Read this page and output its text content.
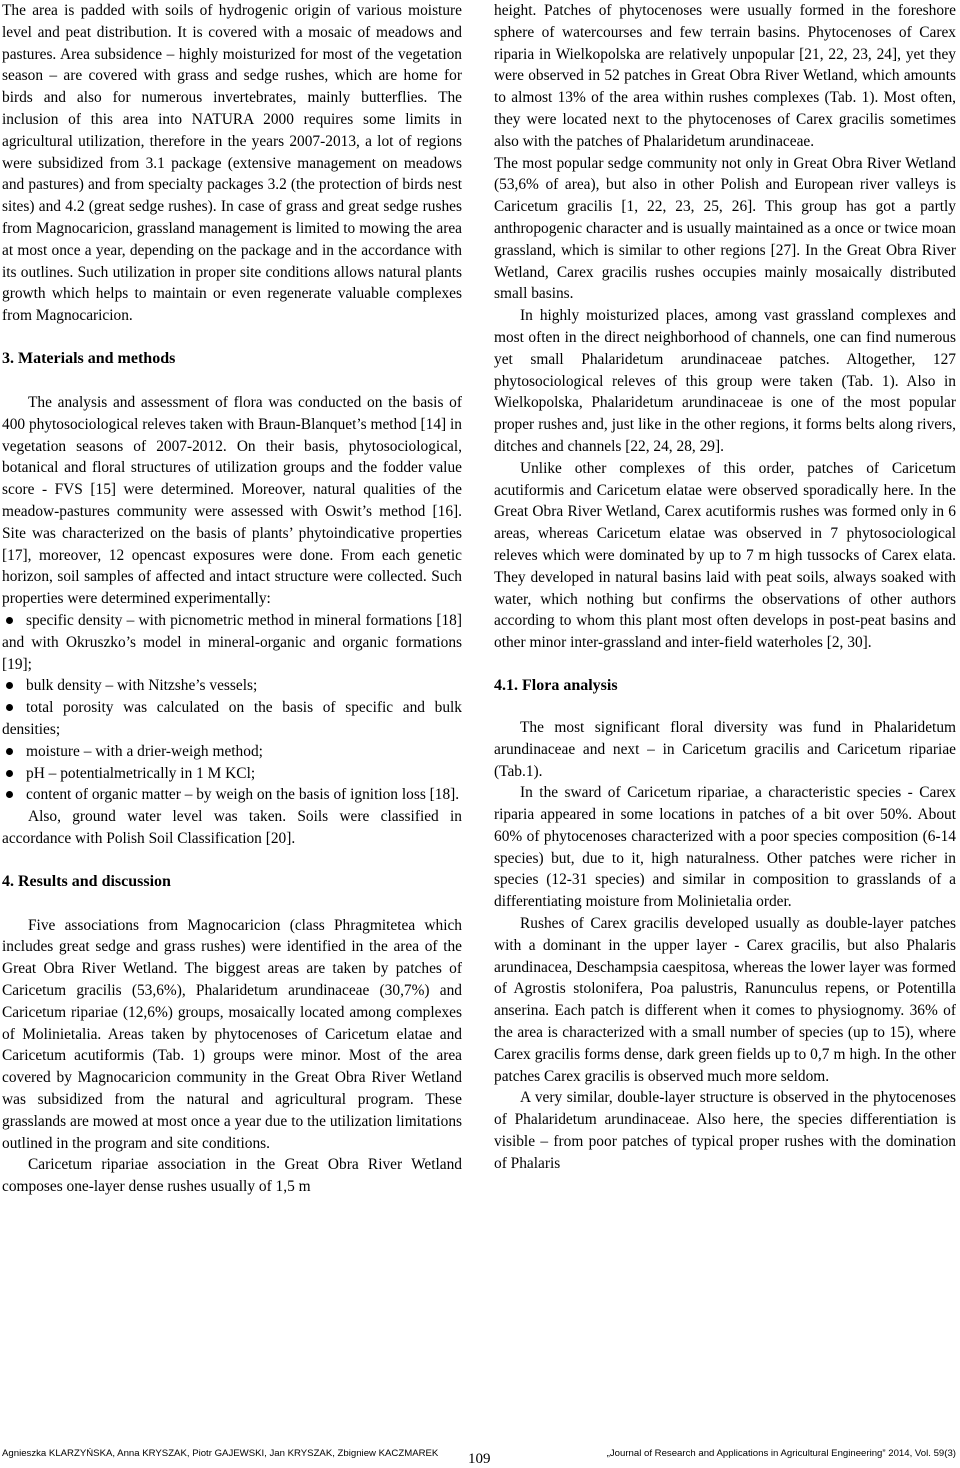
The area is padded with soils of hydrogenic origin of various moisture level and peat distribution. It is covered with a mosaic of meadows and pastures. Area subsidence – highly moisturized for most of the vegetation season – are covered with grass and sedge rushes, which are home for birds and also for numerous invertebrates, mainly butterflies. The inclusion of this area into NATURA 2000 requires some limits in agricultural utilization, therefore in the years 2007-2013, a lot of regions were subsidized from 3.1 package (extensive management on meadows and pastures) and from specialty packages 3.2 (the protection of birds nest sites) and 4.2 (great sedge rushes). In case of grass and great sedge rushes from Magnocaricion, grassland management is limited to mowing the area at most once a year, depending on the package and in the accordance with its outlines. Such utilization in proper site conditions allows natural plants growth which helps to maintain or even regenerate valuable complexes from Magnocaricion.

3. Materials and methods

The analysis and assessment of flora was conducted on the basis of 400 phytosociological releves taken with Braun-Blanquet’s method [14] in vegetation seasons of 2007-2012. On their basis, phytosociological, botanical and floral structures of utilization groups and the fodder value score - FVS [15] were determined. Moreover, natural qualities of the meadow-pastures community were assessed with Oswit’s method [16]. Site was characterized on the basis of plants’ phytoindicative properties [17], moreover, 12 opencast exposures were done. From each genetic horizon, soil samples of affected and intact structure were collected. Such properties were determined experimentally:

specific density – with picnometric method in mineral formations [18] and with Okruszko’s model in mineral-organic and organic formations [19];
bulk density – with Nitzshe’s vessels;
total porosity was calculated on the basis of specific and bulk densities;
moisture – with a drier-weigh method;
pH – potentialmetrically in 1 M KCl;
content of organic matter – by weigh on the basis of ignition loss [18].

Also, ground water level was taken. Soils were classified in accordance with Polish Soil Classification [20].

4. Results and discussion

Five associations from Magnocaricion (class Phragmitetea which includes great sedge and grass rushes) were identified in the area of the Great Obra River Wetland. The biggest areas are taken by patches of Caricetum gracilis (53,6%), Phalaridetum arundinaceae (30,7%) and Caricetum ripariae (12,6%) groups, mosaically located among complexes of Molinietalia. Areas taken by phytocenoses of Caricetum elatae and Caricetum acutiformis (Tab. 1) groups were minor. Most of the area covered by Magnocaricion community in the Great Obra River Wetland was subsidized from the natural and agricultural program. These grasslands are mowed at most once a year due to the utilization limitations outlined in the program and site conditions.

Caricetum ripariae association in the Great Obra River Wetland composes one-layer dense rushes usually of 1,5 m

height. Patches of phytocenoses were usually formed in the foreshore sphere of watercourses and few terrain basins. Phytocenoses of Carex riparia in Wielkopolska are relatively unpopular [21, 22, 23, 24], yet they were observed in 52 patches in Great Obra River Wetland, which amounts to almost 13% of the area within rushes complexes (Tab. 1). Most often, they were located next to the phytocenoses of Carex gracilis sometimes also with the patches of Phalaridetum arundinaceae.

The most popular sedge community not only in Great Obra River Wetland (53,6% of area), but also in other Polish and European river valleys is Caricetum gracilis [1, 22, 23, 25, 26]. This group has got a partly anthropogenic character and is usually maintained as a once or twice moan grassland, which is similar to other regions [27]. In the Great Obra River Wetland, Carex gracilis rushes occupies mainly mosaically distributed small basins.

In highly moisturized places, among vast grassland complexes and most often in the direct neighborhood of channels, one can find numerous yet small Phalaridetum arundinaceae patches. Altogether, 127 phytosociological releves of this group were taken (Tab. 1). Also in Wielkopolska, Phalaridetum arundinaceae is one of the most popular proper rushes and, just like in the other regions, it forms belts along rivers, ditches and channels [22, 24, 28, 29].

Unlike other complexes of this order, patches of Caricetum acutiformis and Caricetum elatae were observed sporadically here. In the Great Obra River Wetland, Carex acutiformis rushes was formed only in 6 areas, whereas Caricetum elatae was observed in 7 phytosociological releves which were dominated by up to 7 m high tussocks of Carex elata. They developed in natural basins laid with peat soils, always soaked with water, which nothing but confirms the observations of other authors according to whom this plant most often develops in post-peat basins and other minor inter-grassland and inter-field waterholes [2, 30].

4.1. Flora analysis

The most significant floral diversity was fund in Phalaridetum arundinaceae and next – in Caricetum gracilis and Caricetum ripariae (Tab.1).

In the sward of Caricetum ripariae, a characteristic species - Carex riparia appeared in some locations in patches of a bit over 50%. About 60% of phytocenoses characterized with a poor species composition (6-14 species) but, due to it, high naturalness. Other patches were richer in species (12-31 species) and similar in composition to grasslands of a differentiating moisture from Molinietalia order.

Rushes of Carex gracilis developed usually as double-layer patches with a dominant in the upper layer - Carex gracilis, but also Phalaris arundinacea, Deschampsia caespitosa, whereas the lower layer was formed of Agrostis stolonifera, Poa palustris, Ranunculus repens, or Potentilla anserina. Each patch is different when it comes to physiognomy. 36% of the area is characterized with a small number of species (up to 15), where Carex gracilis forms dense, dark green fields up to 0,7 m high. In the other patches Carex gracilis is observed much more seldom.

A very similar, double-layer structure is observed in the phytocenoses of Phalaridetum arundinaceae. Also here, the species differentiation is visible – from poor patches of typical proper rushes with the domination of Phalaris

Agnieszka KLARZYŃSKA, Anna KRYSZAK, Piotr GAJEWSKI, Jan KRYSZAK, Zbigniew KACZMAREK 109	„Journal of Research and Applications in Agricultural Engineering” 2014, Vol. 59(3)
